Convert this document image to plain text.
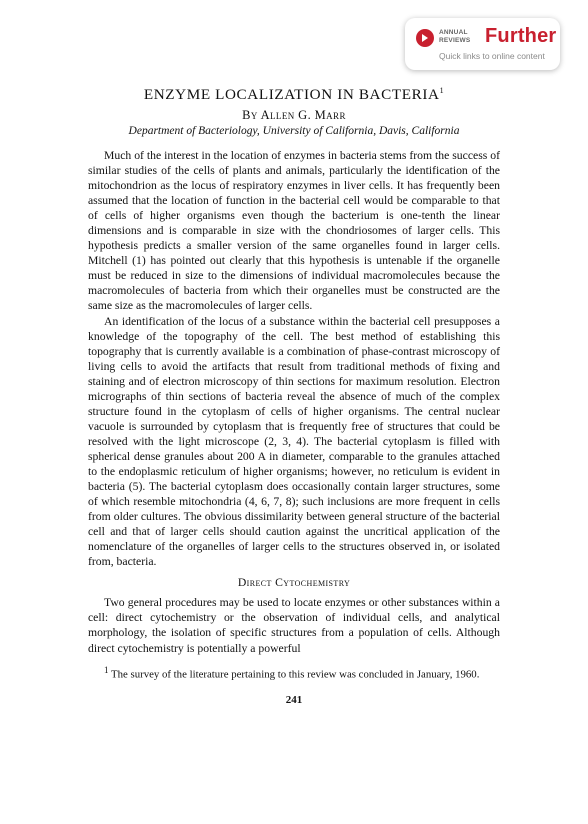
ANNUAL
REVIEWS Further
Quick links to online content
ENZYME LOCALIZATION IN BACTERIA$^1$
By Allen G. Marr
Department of Bacteriology, University of California, Davis, California

Much of the interest in the location of enzymes in bacteria stems from the success of similar studies of the cells of plants and animals, particularly the identification of the mitochondrion as the locus of respiratory enzymes in liver cells. It has frequently been assumed that the location of function in the bacterial cell would be comparable to that of cells of higher organisms even though the bacterium is one-tenth the linear dimensions and is comparable in size with the chondriosomes of larger cells. This hypothesis predicts a smaller version of the same organelles found in larger cells. Mitchell (1) has pointed out clearly that this hypothesis is untenable if the organelle must be reduced in size to the dimensions of individual macromolecules because the macromolecules of bacteria from which their organelles must be constructed are the same size as the macromolecules of larger cells.

An identification of the locus of a substance within the bacterial cell presupposes a knowledge of the topography of the cell. The best method of establishing this topography that is currently available is a combination of phase-contrast microscopy of living cells to avoid the artifacts that result from traditional methods of fixing and staining and of electron microscopy of thin sections for maximum resolution. Electron micrographs of thin sections of bacteria reveal the absence of much of the complex structure found in the cytoplasm of cells of higher organisms. The central nuclear vacuole is surrounded by cytoplasm that is frequently free of structures that could be resolved with the light microscope (2, 3, 4). The bacterial cytoplasm is filled with spherical dense granules about 200 A in diameter, comparable to the granules attached to the endoplasmic reticulum of higher organisms; however, no reticulum is evident in bacteria (5). The bacterial cytoplasm does occasionally contain larger structures, some of which resemble mitochondria (4, 6, 7, 8); such inclusions are more frequent in cells from older cultures. The obvious dissimilarity between general structure of the bacterial cell and that of larger cells should caution against the uncritical application of the nomenclature of the organelles of larger cells to the structures observed in, or isolated from, bacteria.

Direct Cytochemistry

Two general procedures may be used to locate enzymes or other substances within a cell: direct cytochemistry or the observation of individual cells, and analytical morphology, the isolation of specific structures from a population of cells. Although direct cytochemistry is potentially a powerful

$^1$ The survey of the literature pertaining to this review was concluded in January, 1960.
241
